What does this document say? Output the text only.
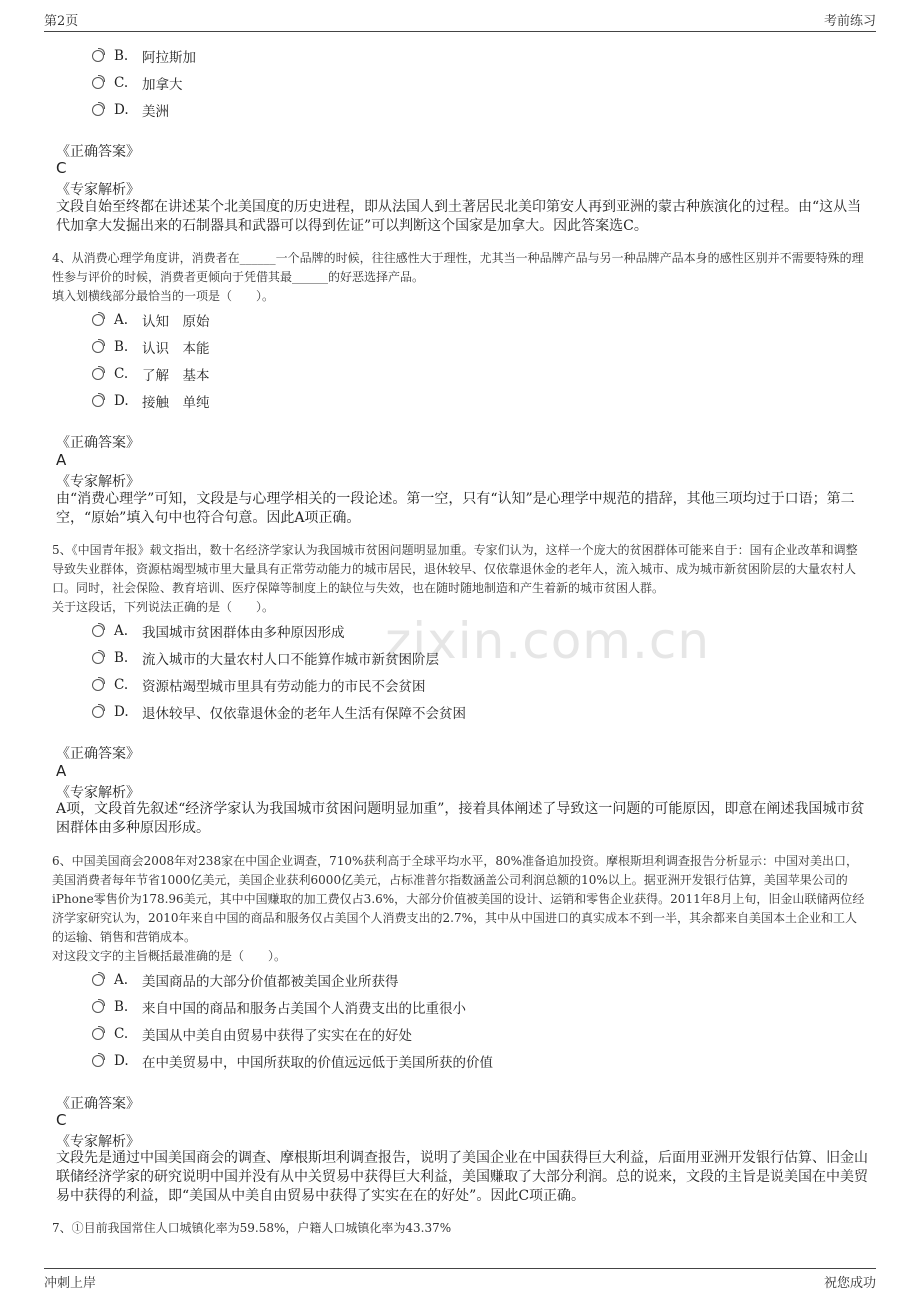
第2页	考前练习
zixin.com.cn
B.	阿拉斯加
C.	加拿大
D. 美洲
《正确答案》
C
《专家解析》

文段自始至终都在讲述某个北美国度的历史进程，即从法国人到土著居民北美印第安人再到亚洲的蒙古种族演化的过程。由“这从当代加拿大发掘出来的石制器具和武器可以得到佐证”可以判断这个国家是加拿大。因此答案选C。

4、从消费心理学角度讲，消费者在______一个品牌的时候，往往感性大于理性，尤其当一种品牌产品与另一种品牌产品本身的感性区别并不需要特殊的理性参与评价的时候，消费者更倾向于凭借其最______的好恶选择产品。

填入划横线部分最恰当的一项是（　　）。

A.	认知　原始
B.	认识　本能
C.	了解　基本
D. 接触　单纯
《正确答案》
A
《专家解析》

由“消费心理学”可知，文段是与心理学相关的一段论述。第一空，只有“认知”是心理学中规范的措辞，其他三项均过于口语；第二空，“原始”填入句中也符合句意。因此A项正确。

5、《中国青年报》载文指出，数十名经济学家认为我国城市贫困问题明显加重。专家们认为，这样一个庞大的贫困群体可能来自于：国有企业改革和调整导致失业群体，资源枯竭型城市里大量具有正常劳动能力的城市居民，退休较早、仅依靠退休金的老年人，流入城市、成为城市新贫困阶层的大量农村人口。同时，社会保险、教育培训、医疗保障等制度上的缺位与失效，也在随时随地制造和产生着新的城市贫困人群。

关于这段话，下列说法正确的是（　　）。

A.	我国城市贫困群体由多种原因形成
B.	流入城市的大量农村人口不能算作城市新贫困阶层
C.	资源枯竭型城市里具有劳动能力的市民不会贫困
D. 退休较早、仅依靠退休金的老年人生活有保障不会贫困
《正确答案》
A
《专家解析》

A项，文段首先叙述“经济学家认为我国城市贫困问题明显加重”，接着具体阐述了导致这一问题的可能原因，即意在阐述我国城市贫困群体由多种原因形成。

6、中国美国商会2008年对238家在中国企业调查，710%获利高于全球平均水平，80%准备追加投资。摩根斯坦利调查报告分析显示：中国对美出口，美国消费者每年节省1000亿美元，美国企业获利6000亿美元，占标准普尔指数涵盖公司利润总额的10%以上。据亚洲开发银行估算，美国苹果公司的iPhone零售价为178.96美元，其中中国赚取的加工费仅占3.6%，大部分价值被美国的设计、运销和零售企业获得。2011年8月上旬，旧金山联储两位经济学家研究认为，2010年来自中国的商品和服务仅占美国个人消费支出的2.7%，其中从中国进口的真实成本不到一半，其余都来自美国本土企业和工人的运输、销售和营销成本。

对这段文字的主旨概括最准确的是（　　）。

A.	美国商品的大部分价值都被美国企业所获得
B.	来自中国的商品和服务占美国个人消费支出的比重很小
C.	美国从中美自由贸易中获得了实实在在的好处
D. 在中美贸易中，中国所获取的价值远远低于美国所获的价值
《正确答案》
C
《专家解析》

文段先是通过中国美国商会的调查、摩根斯坦利调查报告，说明了美国企业在中国获得巨大利益，后面用亚洲开发银行估算、旧金山联储经济学家的研究说明中国并没有从中关贸易中获得巨大利益，美国赚取了大部分利润。总的说来，文段的主旨是说美国在中美贸易中获得的利益，即“美国从中美自由贸易中获得了实实在在的好处”。因此C项正确。

7、①目前我国常住人口城镇化率为59.58%，户籍人口城镇化率为43.37%

冲刺上岸	祝您成功
